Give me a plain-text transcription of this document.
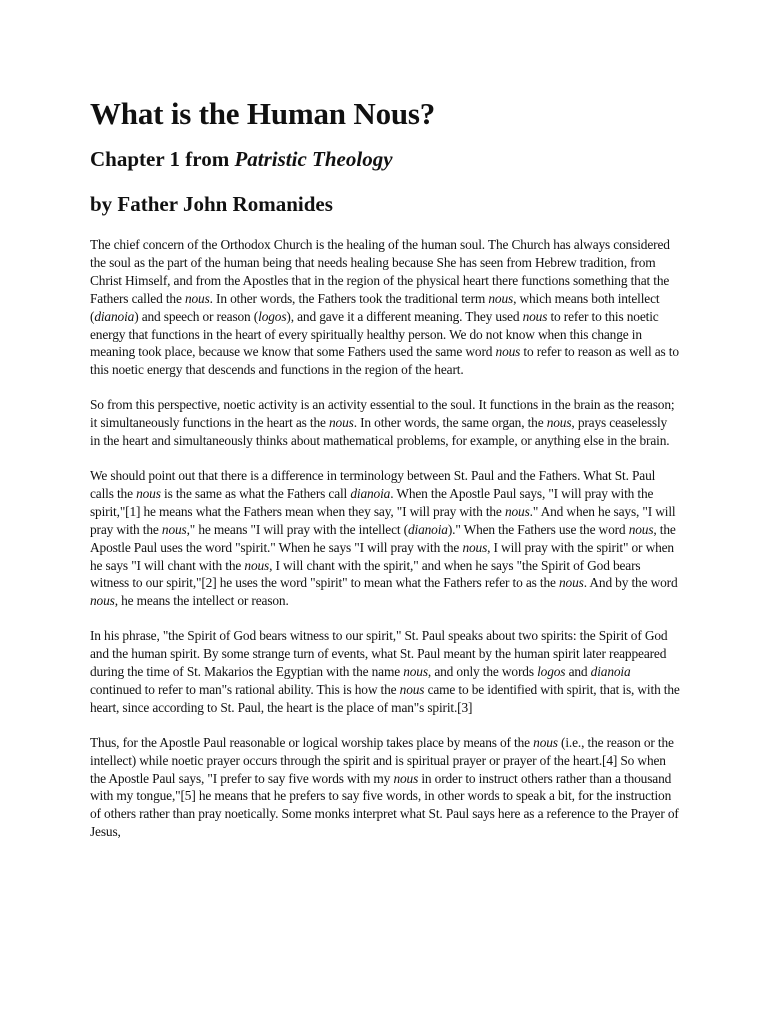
What is the Human Nous?
Chapter 1 from Patristic Theology
by Father John Romanides

The chief concern of the Orthodox Church is the healing of the human soul. The Church has always considered the soul as the part of the human being that needs healing because She has seen from Hebrew tradition, from Christ Himself, and from the Apostles that in the region of the physical heart there functions something that the Fathers called the nous. In other words, the Fathers took the traditional term nous, which means both intellect (dianoia) and speech or reason (logos), and gave it a different meaning. They used nous to refer to this noetic energy that functions in the heart of every spiritually healthy person. We do not know when this change in meaning took place, because we know that some Fathers used the same word nous to refer to reason as well as to this noetic energy that descends and functions in the region of the heart.

So from this perspective, noetic activity is an activity essential to the soul. It functions in the brain as the reason; it simultaneously functions in the heart as the nous. In other words, the same organ, the nous, prays ceaselessly in the heart and simultaneously thinks about mathematical problems, for example, or anything else in the brain.

We should point out that there is a difference in terminology between St. Paul and the Fathers. What St. Paul calls the nous is the same as what the Fathers call dianoia. When the Apostle Paul says, "I will pray with the spirit,"[1] he means what the Fathers mean when they say, "I will pray with the nous." And when he says, "I will pray with the nous," he means "I will pray with the intellect (dianoia)." When the Fathers use the word nous, the Apostle Paul uses the word "spirit." When he says "I will pray with the nous, I will pray with the spirit" or when he says "I will chant with the nous, I will chant with the spirit," and when he says "the Spirit of God bears witness to our spirit,"[2] he uses the word "spirit" to mean what the Fathers refer to as the nous. And by the word nous, he means the intellect or reason.

In his phrase, "the Spirit of God bears witness to our spirit," St. Paul speaks about two spirits: the Spirit of God and the human spirit. By some strange turn of events, what St. Paul meant by the human spirit later reappeared during the time of St. Makarios the Egyptian with the name nous, and only the words logos and dianoia continued to refer to man"s rational ability. This is how the nous came to be identified with spirit, that is, with the heart, since according to St. Paul, the heart is the place of man"s spirit.[3]

Thus, for the Apostle Paul reasonable or logical worship takes place by means of the nous (i.e., the reason or the intellect) while noetic prayer occurs through the spirit and is spiritual prayer or prayer of the heart.[4] So when the Apostle Paul says, "I prefer to say five words with my nous in order to instruct others rather than a thousand with my tongue,"[5] he means that he prefers to say five words, in other words to speak a bit, for the instruction of others rather than pray noetically. Some monks interpret what St. Paul says here as a reference to the Prayer of Jesus,
